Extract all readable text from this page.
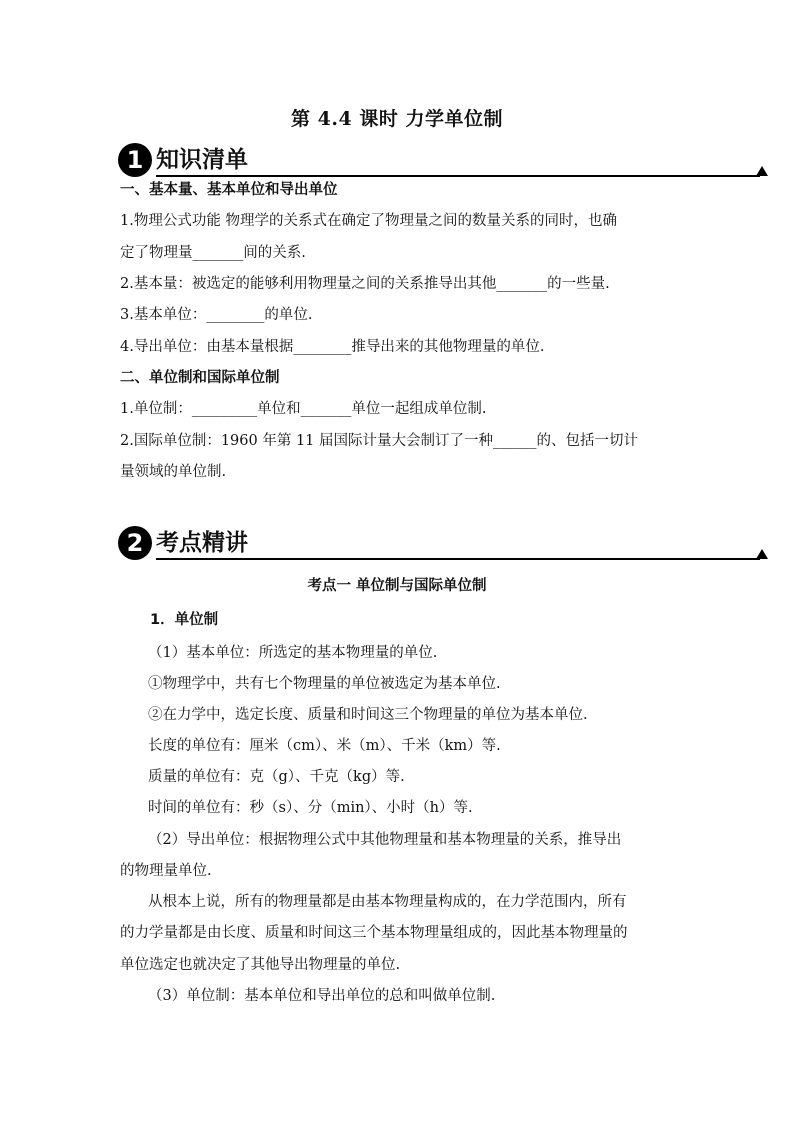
第 4.4 课时 力学单位制
1 知识清单
一、基本量、基本单位和导出单位
1.物理公式功能 物理学的关系式在确定了物理量之间的数量关系的同时，也确
定了物理量_______间的关系.
2.基本量：被选定的能够利用物理量之间的关系推导出其他_______的一些量.
3.基本单位：________的单位.
4.导出单位：由基本量根据________推导出来的其他物理量的单位.
二、单位制和国际单位制
1.单位制：_________单位和_______单位一起组成单位制.
2.国际单位制：1960 年第 11 届国际计量大会制订了一种______的、包括一切计
量领域的单位制.
2 考点精讲
考点一 单位制与国际单位制
1．单位制
（1）基本单位：所选定的基本物理量的单位.
①物理学中，共有七个物理量的单位被选定为基本单位.
②在力学中，选定长度、质量和时间这三个物理量的单位为基本单位.
长度的单位有：厘米（cm）、米（m）、千米（km）等.
质量的单位有：克（g）、千克（kg）等.
时间的单位有：秒（s）、分（min）、小时（h）等.
（2）导出单位：根据物理公式中其他物理量和基本物理量的关系，推导出
的物理量单位.
从根本上说，所有的物理量都是由基本物理量构成的，在力学范围内，所有
的力学量都是由长度、质量和时间这三个基本物理量组成的，因此基本物理量的
单位选定也就决定了其他导出物理量的单位.
（3）单位制：基本单位和导出单位的总和叫做单位制.
